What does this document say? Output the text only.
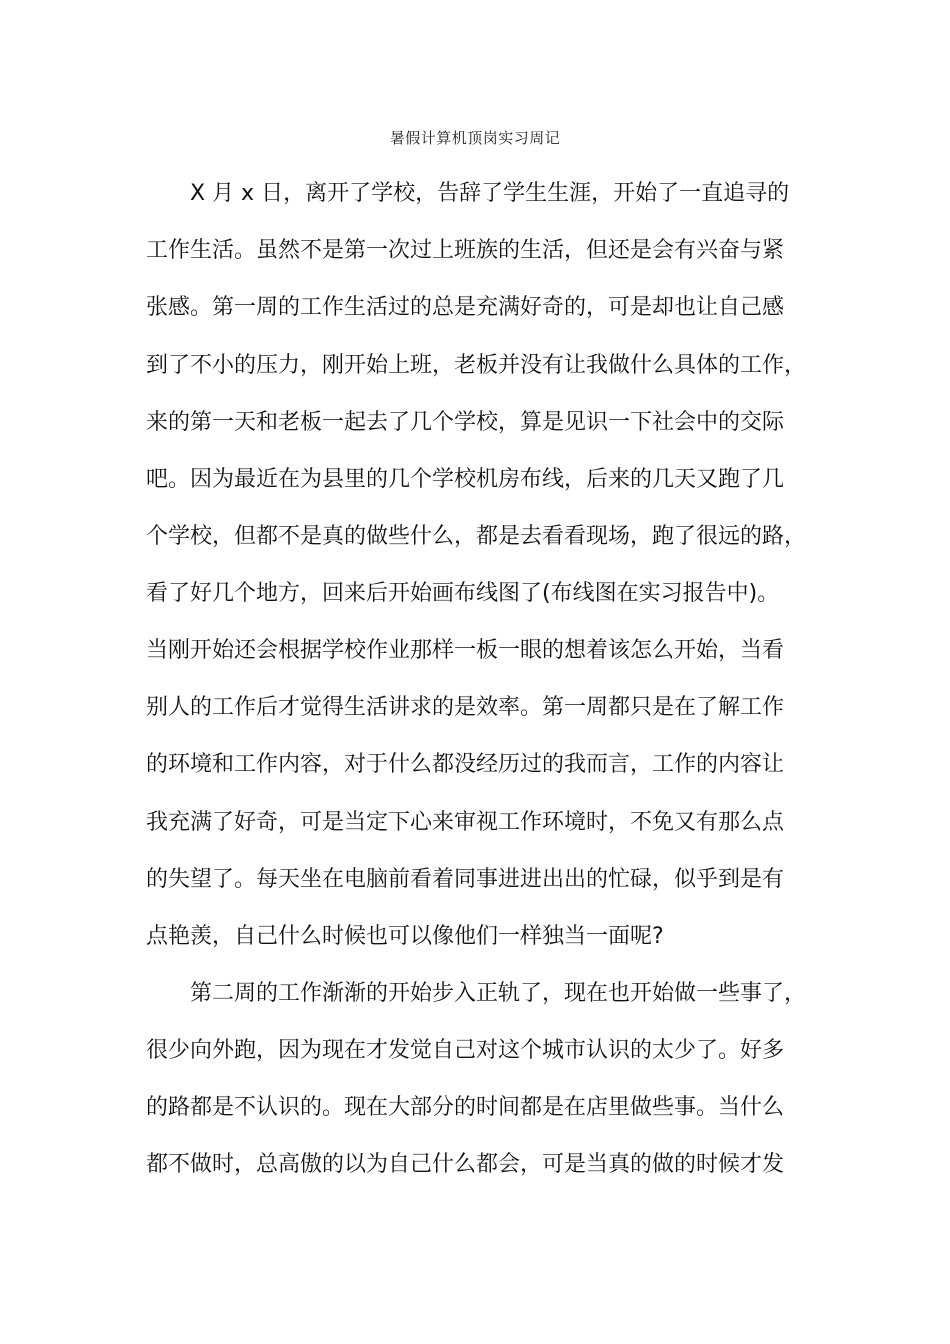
暑假计算机顶岗实习周记
X 月 x 日，离开了学校，告辞了学生生涯，开始了一直追寻的
工作生活。虽然不是第一次过上班族的生活，但还是会有兴奋与紧
张感。第一周的工作生活过的总是充满好奇的，可是却也让自己感
到了不小的压力，刚开始上班，老板并没有让我做什么具体的工作，
来的第一天和老板一起去了几个学校，算是见识一下社会中的交际
吧。因为最近在为县里的几个学校机房布线，后来的几天又跑了几
个学校，但都不是真的做些什么，都是去看看现场，跑了很远的路，
看了好几个地方，回来后开始画布线图了(布线图在实习报告中)。
当刚开始还会根据学校作业那样一板一眼的想着该怎么开始，当看
别人的工作后才觉得生活讲求的是效率。第一周都只是在了解工作
的环境和工作内容，对于什么都没经历过的我而言，工作的内容让
我充满了好奇，可是当定下心来审视工作环境时，不免又有那么点
的失望了。每天坐在电脑前看着同事进进出出的忙碌，似乎到是有
点艳羡，自己什么时候也可以像他们一样独当一面呢?
第二周的工作渐渐的开始步入正轨了，现在也开始做一些事了，
很少向外跑，因为现在才发觉自己对这个城市认识的太少了。好多
的路都是不认识的。现在大部分的时间都是在店里做些事。当什么
都不做时，总高傲的以为自己什么都会，可是当真的做的时候才发
